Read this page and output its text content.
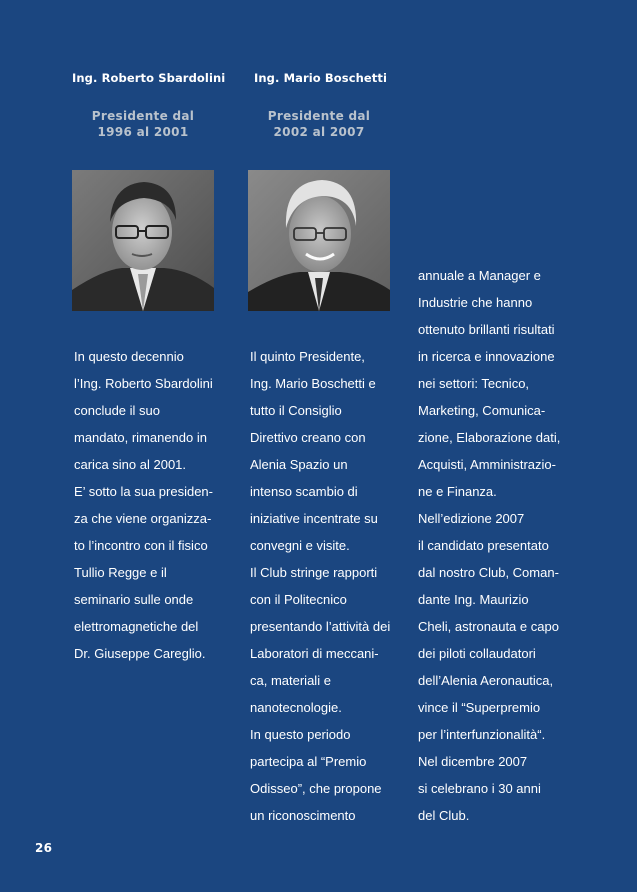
Ing. Roberto Sbardolini Ing. Mario Boschetti
Presidente dal
1996 al 2001
Presidente dal
2002 al 2007
In questo decennio
l’Ing. Roberto Sbardolini
conclude il suo
mandato, rimanendo in
carica sino al 2001.
E’ sotto la sua presiden-
za che viene organizza-
to l’incontro con il fisico
Tullio Regge e il
seminario sulle onde
elettromagnetiche del
Dr. Giuseppe Careglio.
Il quinto Presidente,
Ing. Mario Boschetti e
tutto il Consiglio
Direttivo creano con
Alenia Spazio un
intenso scambio di
iniziative incentrate su
convegni e visite.
Il Club stringe rapporti
con il Politecnico
presentando l’attività dei
Laboratori di meccani-
ca, materiali e
nanotecnologie.
In questo periodo
partecipa al “Premio
Odisseo”, che propone
un riconoscimento
annuale a Manager e
Industrie che hanno
ottenuto brillanti risultati
in ricerca e innovazione
nei settori: Tecnico,
Marketing, Comunica-
zione, Elaborazione dati,
Acquisti, Amministrazio-
ne e Finanza.
Nell’edizione 2007
il candidato presentato
dal nostro Club, Coman-
dante Ing. Maurizio
Cheli, astronauta e capo
dei piloti collaudatori
dell’Alenia Aeronautica,
vince il “Superpremio
per l’interfunzionalità“.
Nel dicembre 2007
si celebrano i 30 anni
del Club.
26
